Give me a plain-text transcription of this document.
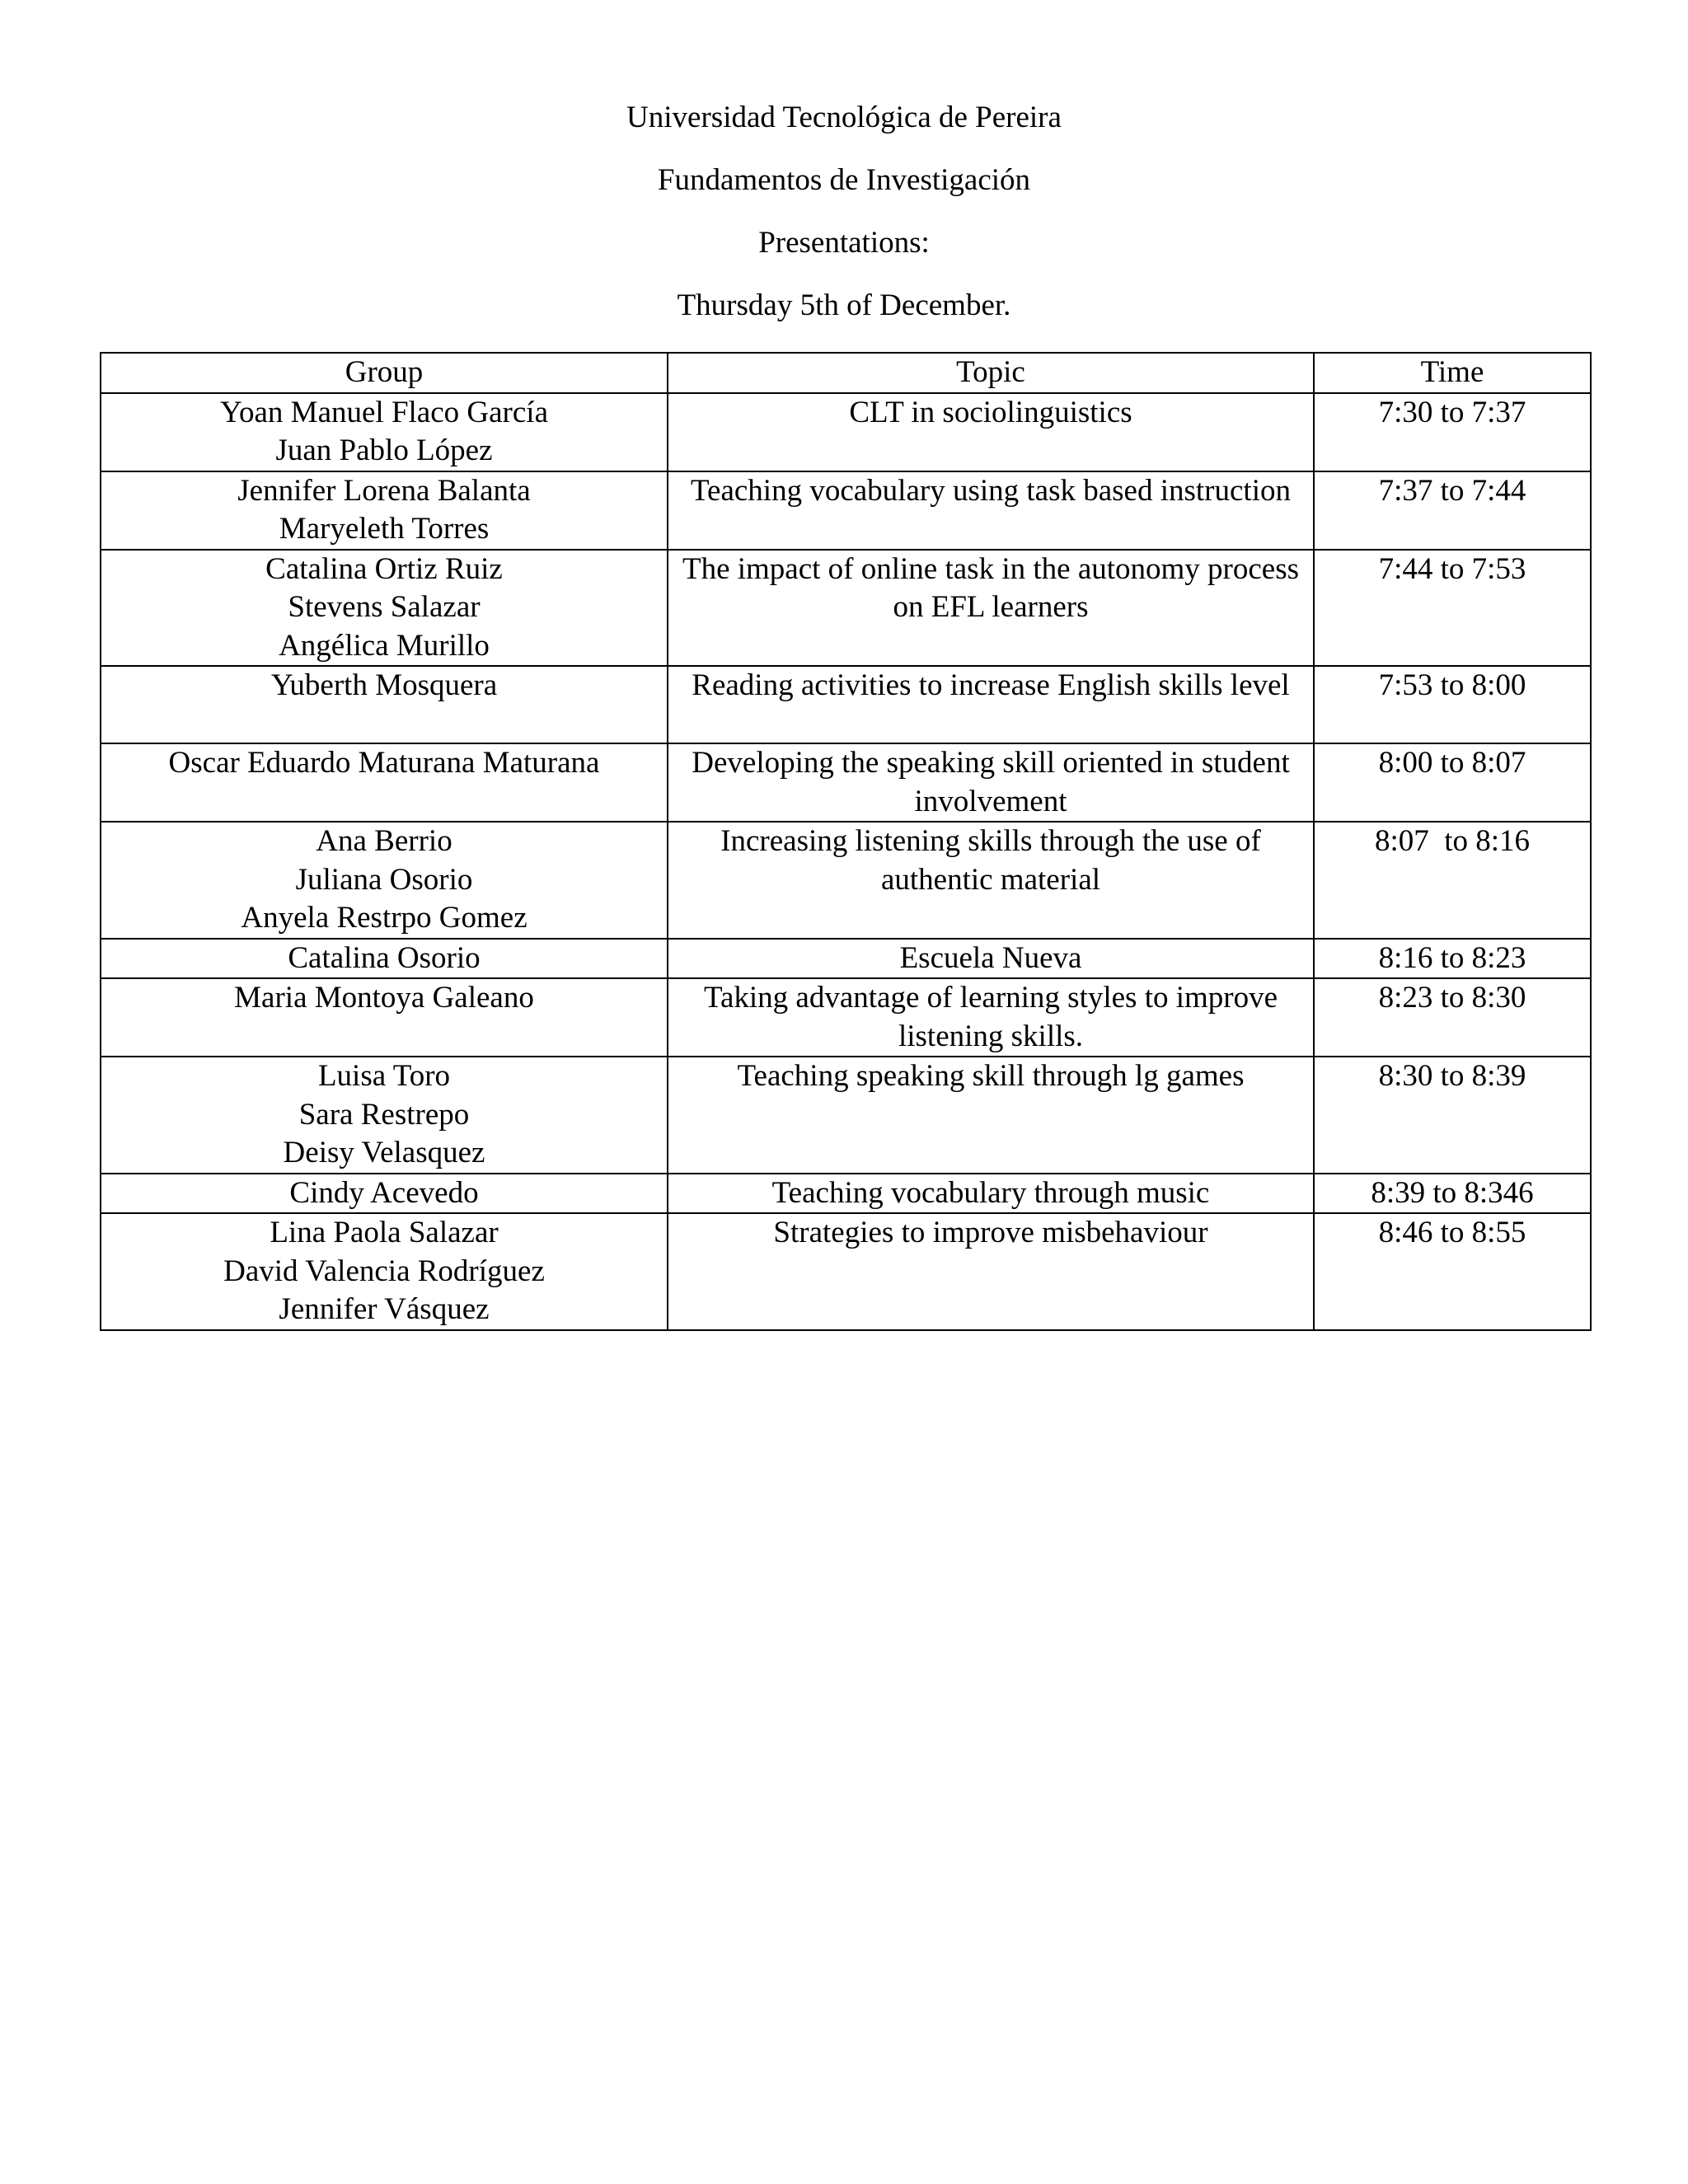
Universidad Tecnológica de Pereira
Fundamentos de Investigación
Presentations:
Thursday 5th of December.
Group	Topic	Time

Yoan Manuel Flaco García
Juan Pablo López	CLT in sociolinguistics	7:30 to 7:37

Jennifer Lorena Balanta
Maryeleth Torres	Teaching vocabulary using task based instruction	7:37 to 7:44

Catalina Ortiz Ruiz
Stevens Salazar
Angélica Murillo	The impact of online task in the autonomy process on EFL learners	7:44 to 7:53

Yuberth Mosquera	Reading activities to increase English skills level	7:53 to 8:00

Oscar Eduardo Maturana Maturana	Developing the speaking skill oriented in student involvement	8:00 to 8:07

Ana Berrio
Juliana Osorio
Anyela Restrpo Gomez	Increasing listening skills through the use of authentic material	8:07  to 8:16

Catalina Osorio	Escuela Nueva	8:16 to 8:23

Maria Montoya Galeano	Taking advantage of learning styles to improve listening skills.	8:23 to 8:30

Luisa Toro
Sara Restrepo
Deisy Velasquez	Teaching speaking skill through lg games	8:30 to 8:39

Cindy Acevedo	Teaching vocabulary through music	8:39 to 8:346

Lina Paola Salazar
David Valencia Rodríguez
Jennifer Vásquez	Strategies to improve misbehaviour	8:46 to 8:55
